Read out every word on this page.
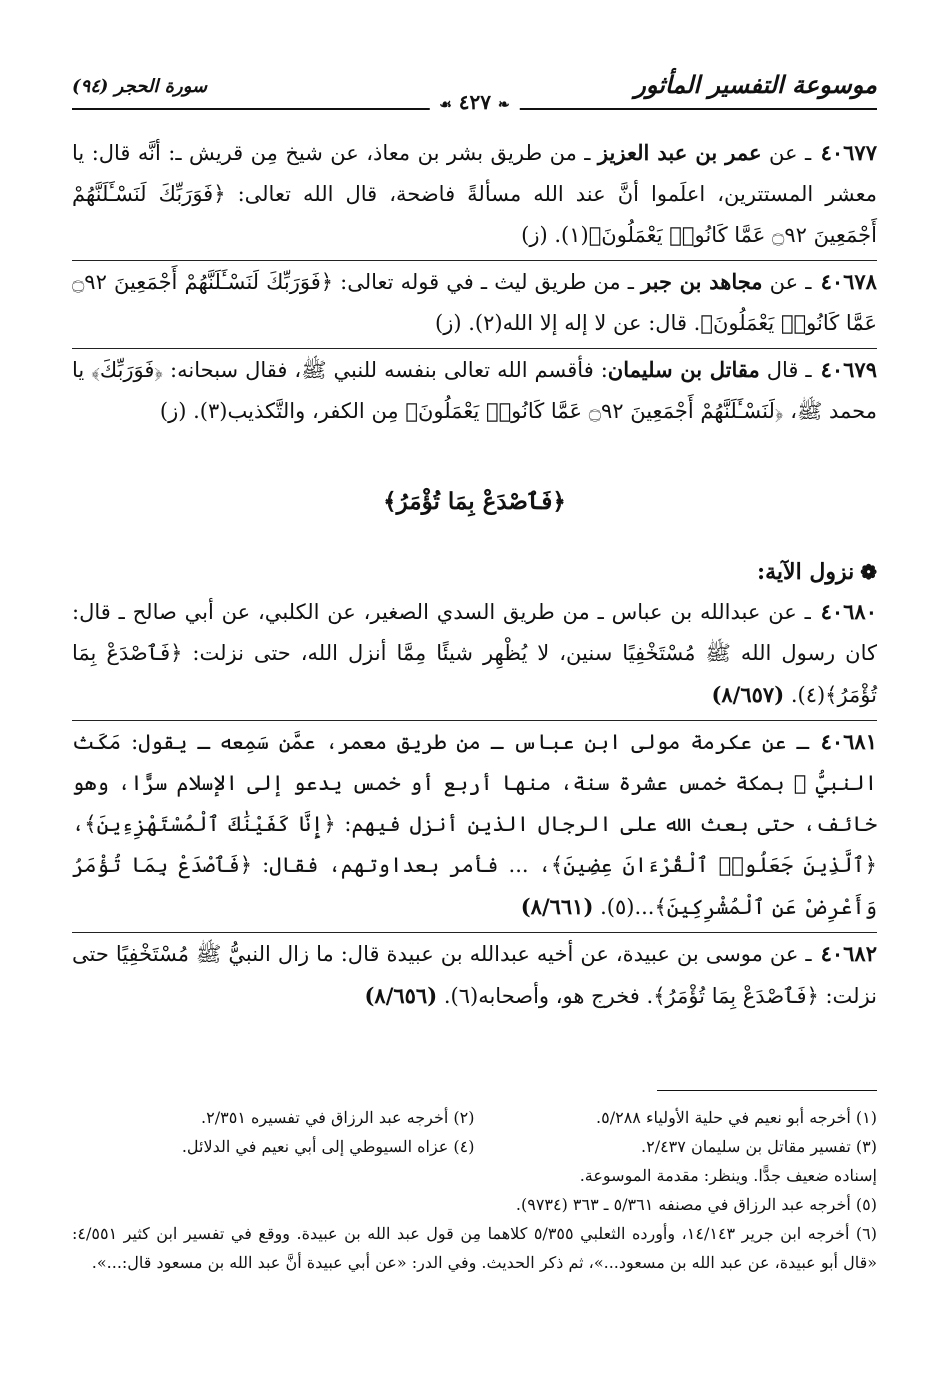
موسوعة التفسير المأثور
❧ ٤٢٧ ☙
سورة الحجر (٩٤)
٤٠٦٧٧ ـ عن عمر بن عبد العزيز ـ من طريق بشر بن معاذ، عن شيخ مِن قريش ـ: أنَّه قال: يا معشر المستترين، اعلَموا أنَّ عند الله مسألةً فاضحة، قال الله تعالى: ﴿فَوَرَبِّكَ لَنَسْـَٔلَنَّهُمْ أَجْمَعِينَ ۝٩٢ عَمَّا كَانُوا۟ يَعْمَلُونَ﴾(١). (ز)
٤٠٦٧٨ ـ عن مجاهد بن جبر ـ من طريق ليث ـ في قوله تعالى: ﴿فَوَرَبِّكَ لَنَسْـَٔلَنَّهُمْ أَجْمَعِينَ ۝٩٢ عَمَّا كَانُوا۟ يَعْمَلُونَ﴾. قال: عن لا إله إلا الله(٢). (ز)
٤٠٦٧٩ ـ قال مقاتل بن سليمان: فأقسم الله تعالى بنفسه للنبي ﷺ، فقال سبحانه: ﴿فَوَرَبِّكَ﴾ يا محمد ﷺ، ﴿لَنَسْـَٔلَنَّهُمْ أَجْمَعِينَ ۝٩٢ عَمَّا كَانُوا۟ يَعْمَلُونَ﴾ مِن الكفر، والتَّكذيب(٣). (ز)
﴿فَٱصْدَعْ بِمَا تُؤْمَرُ﴾
❁نزول الآية:
٤٠٦٨٠ ـ عن عبدالله بن عباس ـ من طريق السدي الصغير، عن الكلبي، عن أبي صالح ـ قال: كان رسول الله ﷺ مُسْتَخْفِيًا سنين، لا يُظْهِر شيئًا مِمَّا أنزل الله، حتى نزلت: ﴿فَٱصْدَعْ بِمَا تُؤْمَرُ﴾(٤). (٨/٦٥٧)
٤٠٦٨١ ـ عن عكرمة مولى ابن عباس ـ من طريق معمر، عمَّن سَمِعه ـ يقول: مَكَث النبيُّ ﷺ بمكة خمس عشرة سنة، منها أربع أو خمس يدعو إلى الإسلام سرًّا، وهو خائف، حتى بعث الله على الرجال الذين أنزل فيهم: ﴿إِنَّا كَفَيْنَٰكَ ٱلْمُسْتَهْزِءِينَ﴾، ﴿ٱلَّذِينَ جَعَلُوا۟ ٱلْقُرْءَانَ عِضِينَ﴾، ... فأمر بعداوتهم، فقال: ﴿فَٱصْدَعْ بِمَا تُؤْمَرُ وَأَعْرِضْ عَنِ ٱلْمُشْرِكِينَ﴾...(٥). (٨/٦٦١)
٤٠٦٨٢ ـ عن موسى بن عبيدة، عن أخيه عبدالله بن عبيدة قال: ما زال النبيُّ ﷺ مُسْتَخْفِيًا حتى نزلت: ﴿فَٱصْدَعْ بِمَا تُؤْمَرُ﴾. فخرج هو، وأصحابه(٦). (٨/٦٥٦)
(١) أخرجه أبو نعيم في حلية الأولياء ٥/٢٨٨.
(٢) أخرجه عبد الرزاق في تفسيره ٢/٣٥١.
(٣) تفسير مقاتل بن سليمان ٢/٤٣٧.
(٤) عزاه السيوطي إلى أبي نعيم في الدلائل.
إسناده ضعيف جدًّا. وينظر: مقدمة الموسوعة.
(٥) أخرجه عبد الرزاق في مصنفه ٥/٣٦١ ـ ٣٦٣ (٩٧٣٤).
(٦) أخرجه ابن جرير ١٤/١٤٣، وأورده الثعلبي ٥/٣٥٥ كلاهما مِن قول عبد الله بن عبيدة. ووقع في تفسير ابن كثير ٤/٥٥١: «قال أبو عبيدة، عن عبد الله بن مسعود...»، ثم ذكر الحديث. وفي الدر: «عن أبي عبيدة أنَّ عبد الله بن مسعود قال:...».
